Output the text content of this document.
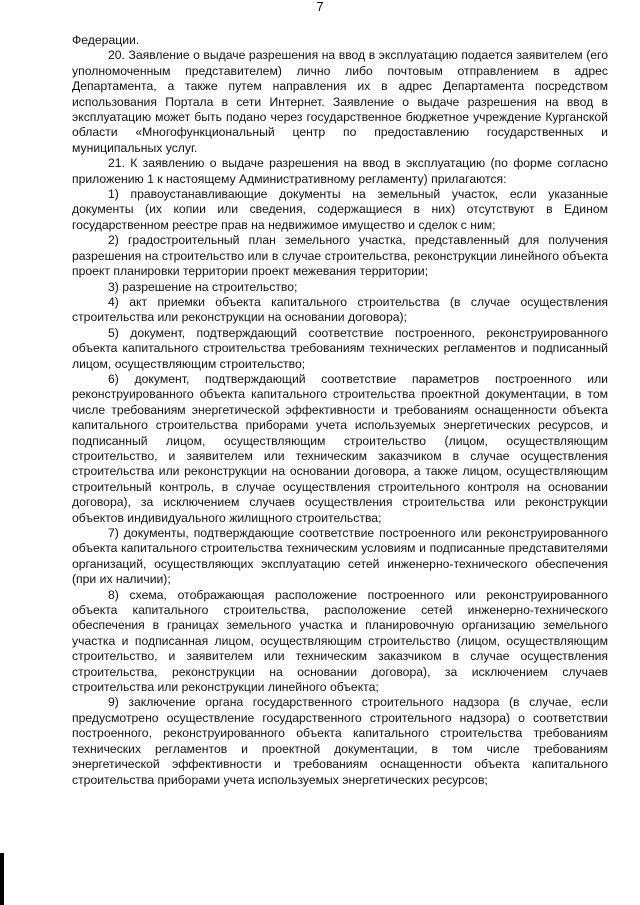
7

Федерации.

20. Заявление о выдаче разрешения на ввод в эксплуатацию подается заявителем (его уполномоченным представителем) лично либо почтовым отправлением в адрес Департамента, а также путем направления их в адрес Департамента посредством использования Портала в сети Интернет. Заявление о выдаче разрешения на ввод в эксплуатацию может быть подано через государственное бюджетное учреждение Курганской области «Многофункциональный центр по предоставлению государственных и муниципальных услуг.

21. К заявлению о выдаче разрешения на ввод в эксплуатацию (по форме согласно приложению 1 к настоящему Административному регламенту) прилагаются:

1) правоустанавливающие документы на земельный участок, если указанные документы (их копии или сведения, содержащиеся в них) отсутствуют в Едином государственном реестре прав на недвижимое имущество и сделок с ним;

2) градостроительный план земельного участка, представленный для получения разрешения на строительство или в случае строительства, реконструкции линейного объекта проект планировки территории проект межевания территории;

3) разрешение на строительство;

4) акт приемки объекта капитального строительства (в случае осуществления строительства или реконструкции на основании договора);

5) документ, подтверждающий соответствие построенного, реконструированного объекта капитального строительства требованиям технических регламентов и подписанный лицом, осуществляющим строительство;

6) документ, подтверждающий соответствие параметров построенного или реконструированного объекта капитального строительства проектной документации, в том числе требованиям энергетической эффективности и требованиям оснащенности объекта капитального строительства приборами учета используемых энергетических ресурсов, и подписанный лицом, осуществляющим строительство (лицом, осуществляющим строительство, и заявителем или техническим заказчиком в случае осуществления строительства или реконструкции на основании договора, а также лицом, осуществляющим строительный контроль, в случае осуществления строительного контроля на основании договора), за исключением случаев осуществления строительства или реконструкции объектов индивидуального жилищного строительства;

7) документы, подтверждающие соответствие построенного или реконструированного объекта капитального строительства техническим условиям и подписанные представителями организаций, осуществляющих эксплуатацию сетей инженерно-технического обеспечения (при их наличии);

8) схема, отображающая расположение построенного или реконструированного объекта капитального строительства, расположение сетей инженерно-технического обеспечения в границах земельного участка и планировочную организацию земельного участка и подписанная лицом, осуществляющим строительство (лицом, осуществляющим строительство, и заявителем или техническим заказчиком в случае осуществления строительства, реконструкции на основании договора), за исключением случаев строительства или реконструкции линейного объекта;

9) заключение органа государственного строительного надзора (в случае, если предусмотрено осуществление государственного строительного надзора) о соответствии построенного, реконструированного объекта капитального строительства требованиям технических регламентов и проектной документации, в том числе требованиям энергетической эффективности и требованиям оснащенности объекта капитального строительства приборами учета используемых энергетических ресурсов;
